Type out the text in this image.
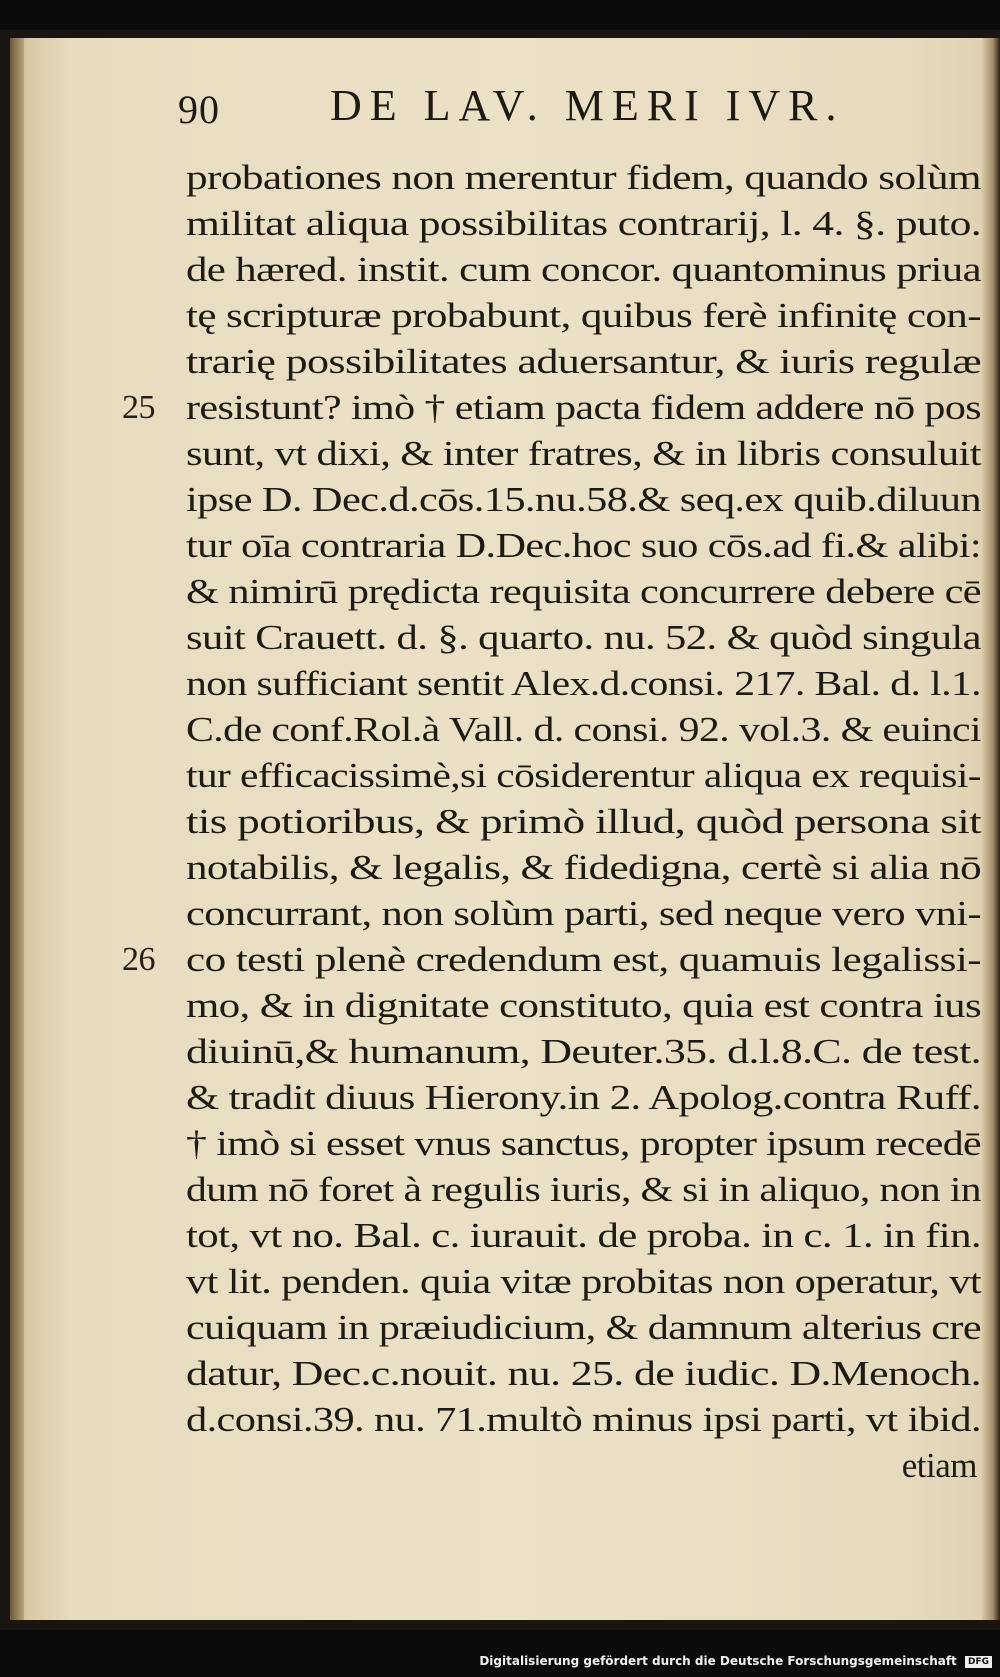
90	DE LAV. MERI IVR.
probationes non merentur fidem, quando solùm
militat aliqua possibilitas contrarij, l. 4. §. puto.
de hæred. instit. cum concor. quantominus priua
tę scripturæ probabunt, quibus ferè infinitę con-
trarię possibilitates aduersantur, & iuris regulæ
resistunt? imò † etiam pacta fidem addere nō pos
25
sunt, vt dixi, & inter fratres, & in libris consuluit
ipse D. Dec.d.cōs.15.nu.58.& seq.ex quib.diluun
tur oīa contraria D.Dec.hoc suo cōs.ad fi.& alibi:
& nimirū prędicta requisita concurrere debere cē
suit Crauett. d. §. quarto. nu. 52. & quòd singula
non sufficiant sentit Alex.d.consi. 217. Bal. d. l.1.
C.de conf.Rol.à Vall. d. consi. 92. vol.3. & euinci
tur efficacissimè,si cōsiderentur aliqua ex requisi-
tis potioribus, & primò illud, quòd persona sit
notabilis, & legalis, & fidedigna, certè si alia nō
concurrant, non solùm parti, sed neque vero vni-
co testi plenè credendum est, quamuis legalissi-
26
mo, & in dignitate constituto, quia est contra ius
diuinū,& humanum, Deuter.35. d.l.8.C. de test.
& tradit diuus Hierony.in 2. Apolog.contra Ruff.
† imò si esset vnus sanctus, propter ipsum recedē
dum nō foret à regulis iuris, & si in aliquo, non in
tot, vt no. Bal. c. iurauit. de proba. in c. 1. in fin.
vt lit. penden. quia vitæ probitas non operatur, vt
cuiquam in præiudicium, & damnum alterius cre
datur, Dec.c.nouit. nu. 25. de iudic. D.Menoch.
d.consi.39. nu. 71.multò minus ipsi parti, vt ibid.
etiam
Digitalisierung gefördert durch die Deutsche Forschungsgemeinschaft DFG
